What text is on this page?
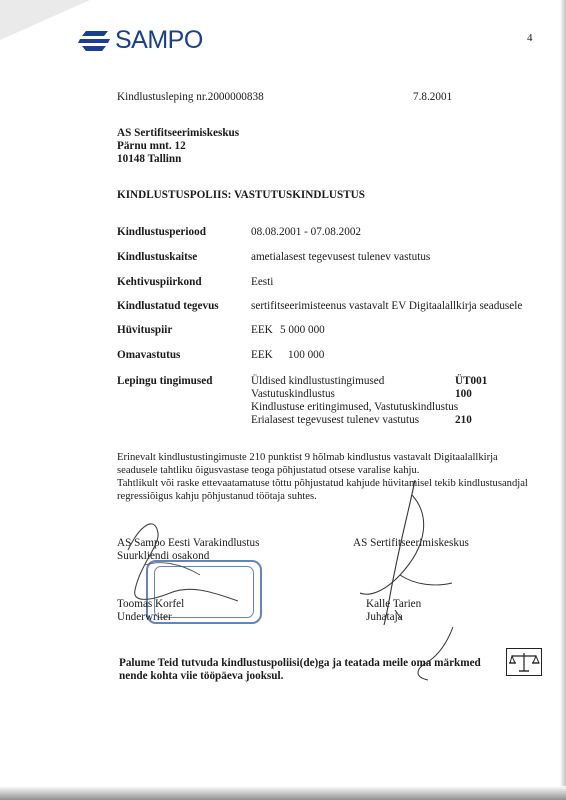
SAMPO	4
Kindlustusleping nr.2000000838	7.8.2001
AS Sertifitseerimiskeskus
Pärnu mnt. 12
10148 Tallinn
KINDLUSTUSPOLIIS: VASTUTUSKINDLUSTUS
Kindlustusperiood	08.08.2001 - 07.08.2002
Kindlustuskaitse	ametialasest tegevusest tulenev vastutus
Kehtivuspiirkond	Eesti
Kindlustatud tegevus	sertifitseerimisteenus vastavalt EV Digitaalallkirja seadusele
Hüvituspiir	EEK 5 000 000
Omavastutus	EEK 100 000
Lepingu tingimused	Üldised kindlustustingimused	ÜT001
Vastutuskindlustus	100
Kindlustuse eritingimused, Vastutuskindlustus
Erialasest tegevusest tulenev vastutus	210
Erinevalt kindlustustingimuste 210 punktist 9 hõlmab kindlustus vastavalt Digitaalallkirja
seadusele tahtliku õigusvastase teoga põhjustatud otsese varalise kahju.
Tahtlikult või raske ettevaatamatuse tõttu põhjustatud kahjude hüvitamisel tekib kindlustusandjal
regressiõigus kahju põhjustanud töötaja suhtes.
AS Sampo Eesti Varakindlustus
Suurkliendi osakond
AS Sertifitseerimiskeskus
Toomas Korfel
Underwriter
Kalle Tarien
Juhataja
Palume Teid tutvuda kindlustuspoliisi(de)ga ja teatada meile oma märkmed
nende kohta viie tööpäeva jooksul.
